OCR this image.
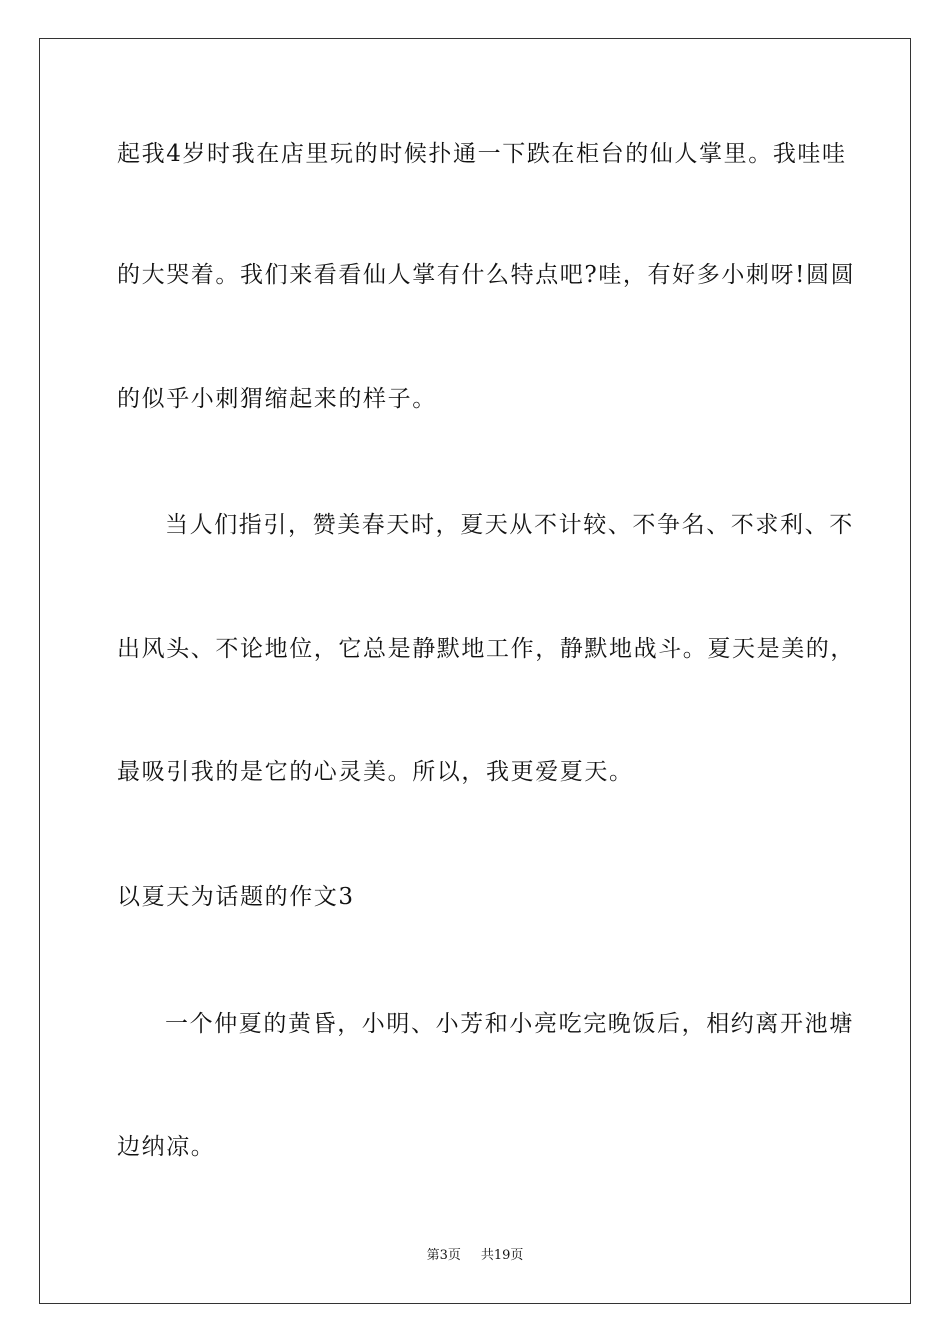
起我4岁时我在店里玩的时候扑通一下跌在柜台的仙人掌里。我哇哇
的大哭着。我们来看看仙人掌有什么特点吧?哇，有好多小刺呀!圆圆
的似乎小刺猬缩起来的样子。
当人们指引，赞美春天时，夏天从不计较、不争名、不求利、不
出风头、不论地位，它总是静默地工作，静默地战斗。夏天是美的，
最吸引我的是它的心灵美。所以，我更爱夏天。
以夏天为话题的作文3
一个仲夏的黄昏，小明、小芳和小亮吃完晚饭后，相约离开池塘
边纳凉。
第3页 共19页
